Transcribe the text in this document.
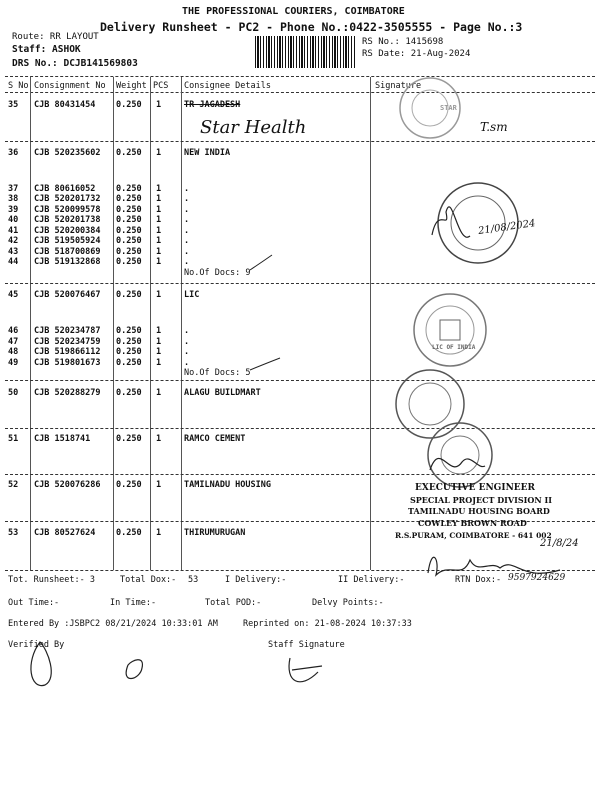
THE PROFESSIONAL COURIERS, COIMBATORE
Delivery Runsheet - PC2 - Phone No.:0422-3505555 - Page No.:3
Route: RR LAYOUT
Staff: ASHOK
DRS No.: DCJB141569803
RS No.: 1415698
RS Date: 21-Aug-2024
S No Consignment No Weight PCS Consignee Details	Signature
35 CJB 80431454 0.250 1	TR JAGADESH
36 CJB 520235602 0.250 1	NEW INDIA
37 CJB 80616052 0.250 1	.
38 CJB 520201732 0.250 1	.
39 CJB 520099578 0.250 1	.
40 CJB 520201738 0.250 1	.
41 CJB 520200384 0.250 1	.
42 CJB 519505924 0.250 1	.
43 CJB 518700869 0.250 1	.
44 CJB 519132868 0.250 1	.
45 CJB 520076467 0.250 1	LIC
46 CJB 520234787 0.250 1	.
47 CJB 520234759 0.250 1	.
48 CJB 519866112 0.250 1	.
49 CJB 519801673 0.250 1	.
50 CJB 520288279 0.250 1	ALAGU BUILDMART
51 CJB 1518741	0.250 1	RAMCO CEMENT
52 CJB 520076286 0.250 1	TAMILNADU HOUSING
53 CJB 80527624 0.250 1	THIRUMURUGAN
No.Of Docs: 9
No.Of Docs: 5
Star Health	T.sm
21/08/2024
21/8/24
STAR
LIC OF INDIA
EXECUTIVE ENGINEER
SPECIAL PROJECT DIVISION II
TAMILNADU HOUSING BOARD
COWLEY BROWN ROAD
R.S.PURAM, COIMBATORE - 641 002
Tot. Runsheet:- 3	Total Dox:- 53	I Delivery:-	II Delivery:-	RTN Dox:- 9597924629
Out Time:-	In Time:-	Total POD:-	Delvy Points:-
Entered By :JSBPC2 08/21/2024 10:33:01 AM	Reprinted on: 21-08-2024 10:37:33
Verified By	Staff Signature
